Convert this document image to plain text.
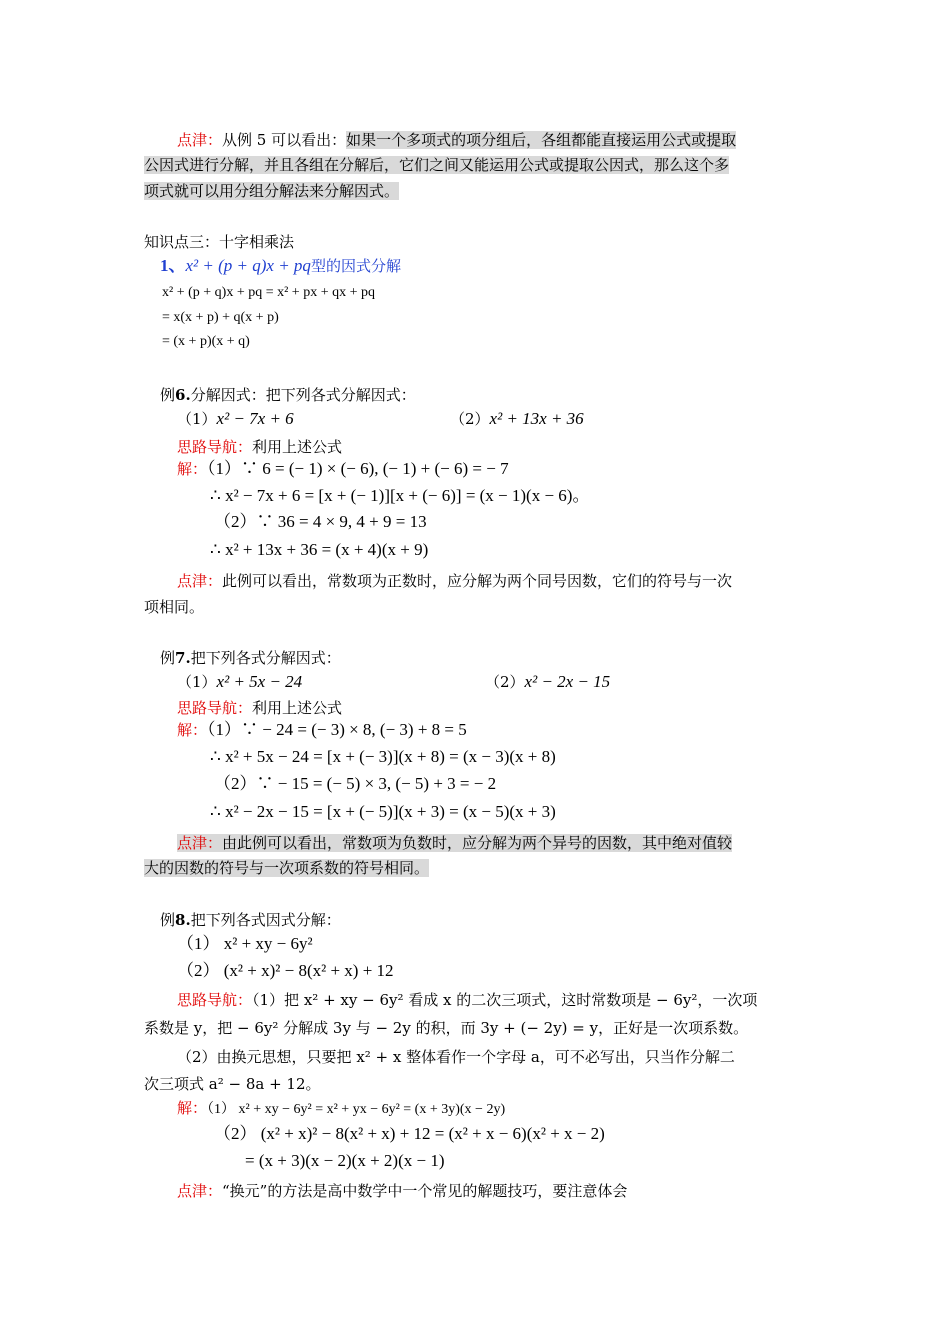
点津：从例 5 可以看出：如果一个多项式的项分组后，各组都能直接运用公式或提取
公因式进行分解，并且各组在分解后，它们之间又能运用公式或提取公因式，那么这个多
项式就可以用分组分解法来分解因式。
知识点三：十字相乘法
1、x² + (p + q)x + pq型的因式分解
x² + (p + q)x + pq = x² + px + qx + pq
= x(x + p) + q(x + p)
= (x + p)(x + q)
例6.分解因式：把下列各式分解因式：
（1）x² − 7x + 6	（2）x² + 13x + 36
思路导航：利用上述公式
解：（1）∵ 6 = (− 1) × (− 6), (− 1) + (− 6) = − 7
∴ x² − 7x + 6 = [x + (− 1)][x + (− 6)] = (x − 1)(x − 6)。
（2）∵ 36 = 4 × 9, 4 + 9 = 13
∴ x² + 13x + 36 = (x + 4)(x + 9)
点津：此例可以看出，常数项为正数时，应分解为两个同号因数，它们的符号与一次
项相同。
例7.把下列各式分解因式：
（1）x² + 5x − 24	（2）x² − 2x − 15
思路导航：利用上述公式
解：（1）∵ − 24 = (− 3) × 8, (− 3) + 8 = 5
∴ x² + 5x − 24 = [x + (− 3)](x + 8) = (x − 3)(x + 8)
（2）∵ − 15 = (− 5) × 3, (− 5) + 3 = − 2
∴ x² − 2x − 15 = [x + (− 5)](x + 3) = (x − 5)(x + 3)
点津：由此例可以看出，常数项为负数时，应分解为两个异号的因数，其中绝对值较
大的因数的符号与一次项系数的符号相同。
例8.把下列各式因式分解：
（1） x² + xy − 6y²
（2） (x² + x)² − 8(x² + x) + 12
思路导航：（1）把 x² + xy − 6y² 看成 x 的二次三项式，这时常数项是 − 6y²，一次项
系数是 y，把 − 6y² 分解成 3y 与 − 2y 的积，而 3y + (− 2y) = y，正好是一次项系数。
（2）由换元思想，只要把 x² + x 整体看作一个字母 a，可不必写出，只当作分解二
次三项式 a² − 8a + 12。
解：（1） x² + xy − 6y² = x² + yx − 6y² = (x + 3y)(x − 2y)
（2） (x² + x)² − 8(x² + x) + 12 = (x² + x − 6)(x² + x − 2)
= (x + 3)(x − 2)(x + 2)(x − 1)
点津：“换元”的方法是高中数学中一个常见的解题技巧，要注意体会
